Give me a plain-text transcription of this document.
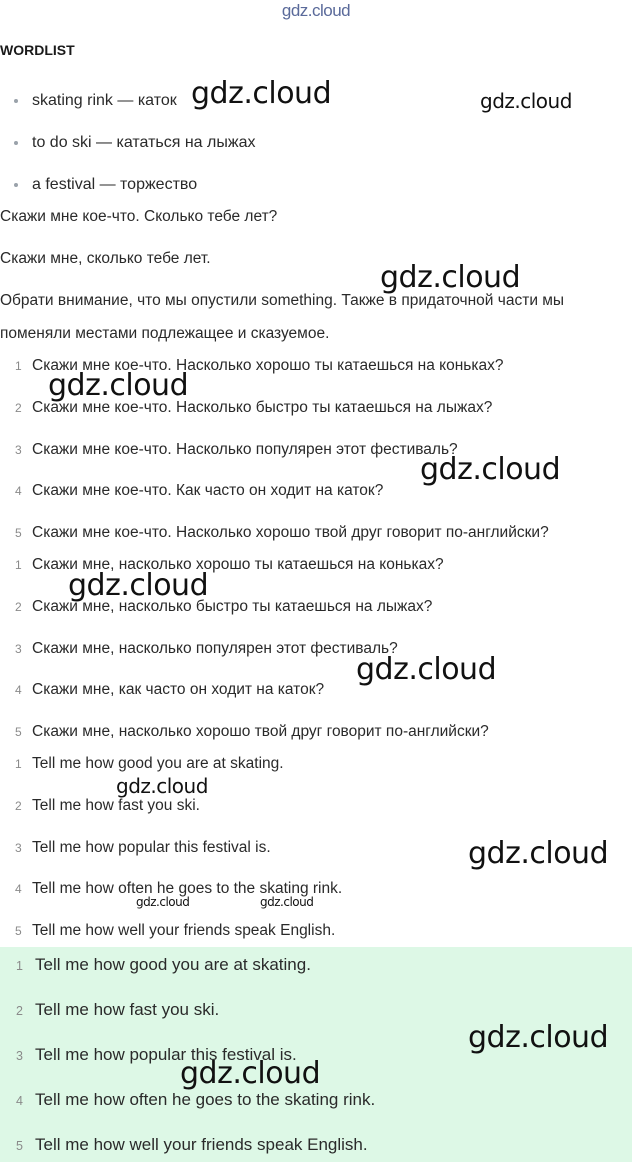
gdz.cloud
WORDLIST
skating rink — каток
to do ski — кататься на лыжах
a festival — торжество
Скажи мне кое-что. Сколько тебе лет?
Скажи мне, сколько тебе лет.
Обрати внимание, что мы опустили something. Также в придаточной части мы
поменяли местами подлежащее и сказуемое.
1 Скажи мне кое-что. Насколько хорошо ты катаешься на коньках?
2 Скажи мне кое-что. Насколько быстро ты катаешься на лыжах?
3 Скажи мне кое-что. Насколько популярен этот фестиваль?
4 Скажи мне кое-что. Как часто он ходит на каток?
5 Скажи мне кое-что. Насколько хорошо твой друг говорит по-английски?
1 Скажи мне, насколько хорошо ты катаешься на коньках?
2 Скажи мне, насколько быстро ты катаешься на лыжах?
3 Скажи мне, насколько популярен этот фестиваль?
4 Скажи мне, как часто он ходит на каток?
5 Скажи мне, насколько хорошо твой друг говорит по-английски?
1 Tell me how good you are at skating.
2 Tell me how fast you ski.
3 Tell me how popular this festival is.
4 Tell me how often he goes to the skating rink.
5 Tell me how well your friends speak English.
1 Tell me how good you are at skating.
2 Tell me how fast you ski.
3 Tell me how popular this festival is.
4 Tell me how often he goes to the skating rink.
5 Tell me how well your friends speak English.
gdz.cloud	gdz.cloud
gdz.cloud
gdz.cloud
gdz.cloud
gdz.cloud
gdz.cloud
gdz.cloud
gdz.cloud
gdz.cloud	gdz.cloud
gdz.cloud
gdz.cloud
